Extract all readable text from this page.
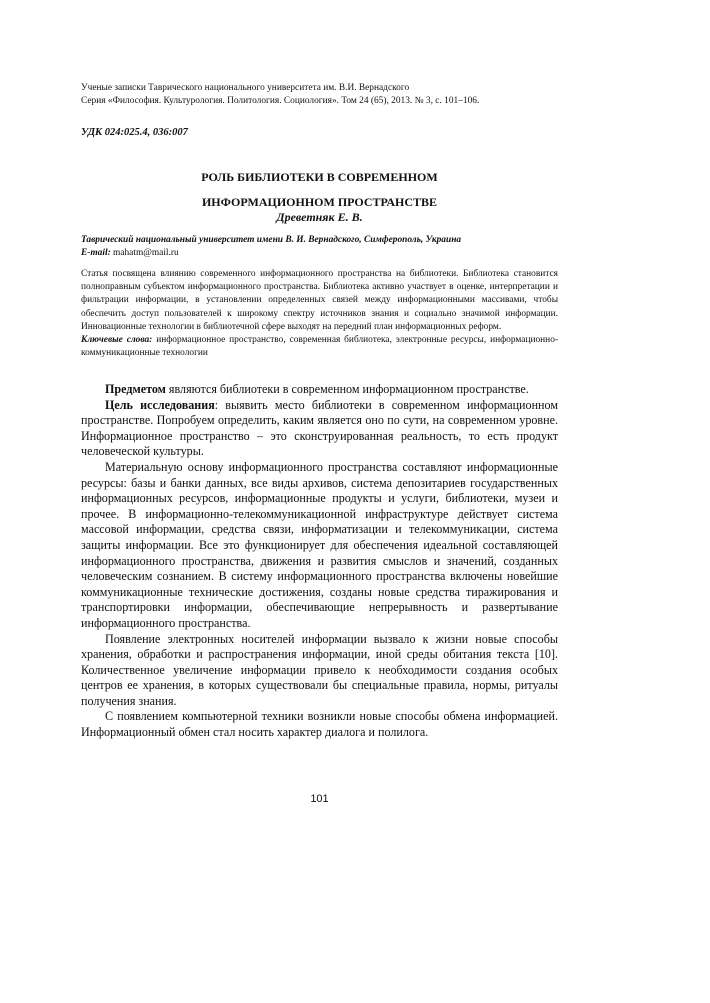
Ученые записки Таврического национального университета им. В.И. Вернадского
Серия «Философия. Культурология. Политология. Социология». Том 24 (65), 2013. № 3, с. 101–106.
УДК 024:025.4, 036:007
РОЛЬ БИБЛИОТЕКИ В СОВРЕМЕННОМ
ИНФОРМАЦИОННОМ ПРОСТРАНСТВЕ
Древетняк Е. В.
Таврический национальный университет имени В. И. Вернадского, Симферополь, Украина
E-mail: mahatm@mail.ru
Статья посвящена влиянию современного информационного пространства на библиотеки. Библиотека становится полноправным субъектом информационного пространства. Библиотека активно участвует в оценке, интерпретации и фильтрации информации, в установлении определенных связей между информационными массивами, чтобы обеспечить доступ пользователей к широкому спектру источников знания и социально значимой информации. Инновационные технологии в библиотечной сфере выходят на передний план информационных реформ.
Ключевые слова: информационное пространство, современная библиотека, электронные ресурсы, информационно-коммуникационные технологии

Предметом являются библиотеки в современном информационном пространстве.

Цель исследования: выявить место библиотеки в современном информационном пространстве. Попробуем определить, каким является оно по сути, на современном уровне. Информационное пространство – это сконструированная реальность, то есть продукт человеческой культуры.

Материальную основу информационного пространства составляют информационные ресурсы: базы и банки данных, все виды архивов, система депозитариев государственных информационных ресурсов, информационные продукты и услуги, библиотеки, музеи и прочее. В информационно-телекоммуникационной инфраструктуре действует система массовой информации, средства связи, информатизации и телекоммуникации, система защиты информации. Все это функционирует для обеспечения идеальной составляющей информационного пространства, движения и развития смыслов и значений, созданных человеческим сознанием. В систему информационного пространства включены новейшие коммуникационные технические достижения, созданы новые средства тиражирования и транспортировки информации, обеспечивающие непрерывность и развертывание информационного пространства.

Появление электронных носителей информации вызвало к жизни новые способы хранения, обработки и распространения информации, иной среды обитания текста [10]. Количественное увеличение информации привело к необходимости создания особых центров ее хранения, в которых существовали бы специальные правила, нормы, ритуалы получения знания.

С появлением компьютерной техники возникли новые способы обмена информацией. Информационный обмен стал носить характер диалога и полилога.

101
